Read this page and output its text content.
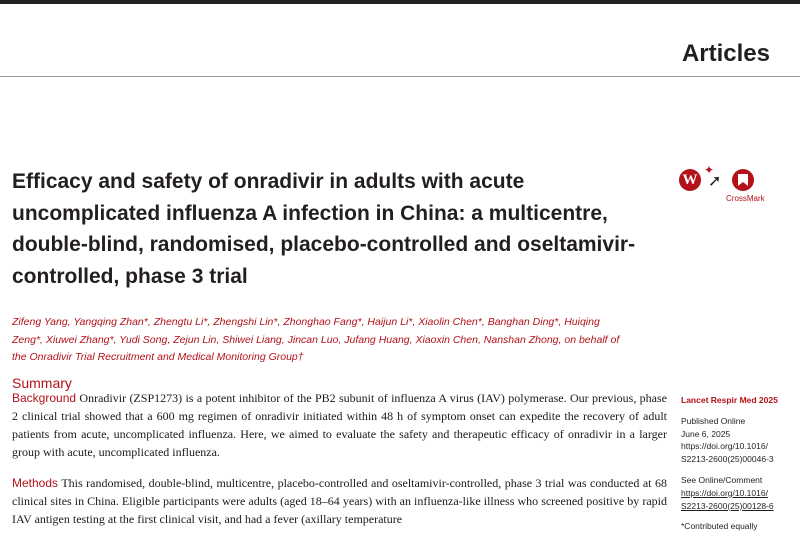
Articles
Efficacy and safety of onradivir in adults with acute uncomplicated influenza A infection in China: a multicentre, double-blind, randomised, placebo-controlled and oseltamivir-controlled, phase 3 trial
W
✦
➚
CrossMark
Zifeng Yang, Yangqing Zhan*, Zhengtu Li*, Zhengshi Lin*, Zhonghao Fang*, Haijun Li*, Xiaolin Chen*, Banghan Ding*, Huiqing Zeng*, Xiuwei Zhang*, Yudi Song, Zejun Lin, Shiwei Liang, Jincan Luo, Jufang Huang, Xiaoxin Chen, Nanshan Zhong, on behalf of the Onradivir Trial Recruitment and Medical Monitoring Group†
Summary

Background Onradivir (ZSP1273) is a potent inhibitor of the PB2 subunit of influenza A virus (IAV) polymerase. Our previous, phase 2 clinical trial showed that a 600 mg regimen of onradivir initiated within 48 h of symptom onset can expedite the recovery of adult patients from acute, uncomplicated influenza. Here, we aimed to evaluate the safety and therapeutic efficacy of onradivir in a larger group with acute, uncomplicated influenza.

Methods This randomised, double-blind, multicentre, placebo-controlled and oseltamivir-controlled, phase 3 trial was conducted at 68 clinical sites in China. Eligible participants were adults (aged 18–64 years) with an influenza-like illness who screened positive by rapid IAV antigen testing at the first clinical visit, and had a fever (axillary temperature

Lancet Respir Med 2025
Published Online
June 6, 2025
https://doi.org/10.1016/
S2213-2600(25)00046-3
See Online/Comment
https://doi.org/10.1016/
S2213-2600(25)00128-6
*Contributed equally
